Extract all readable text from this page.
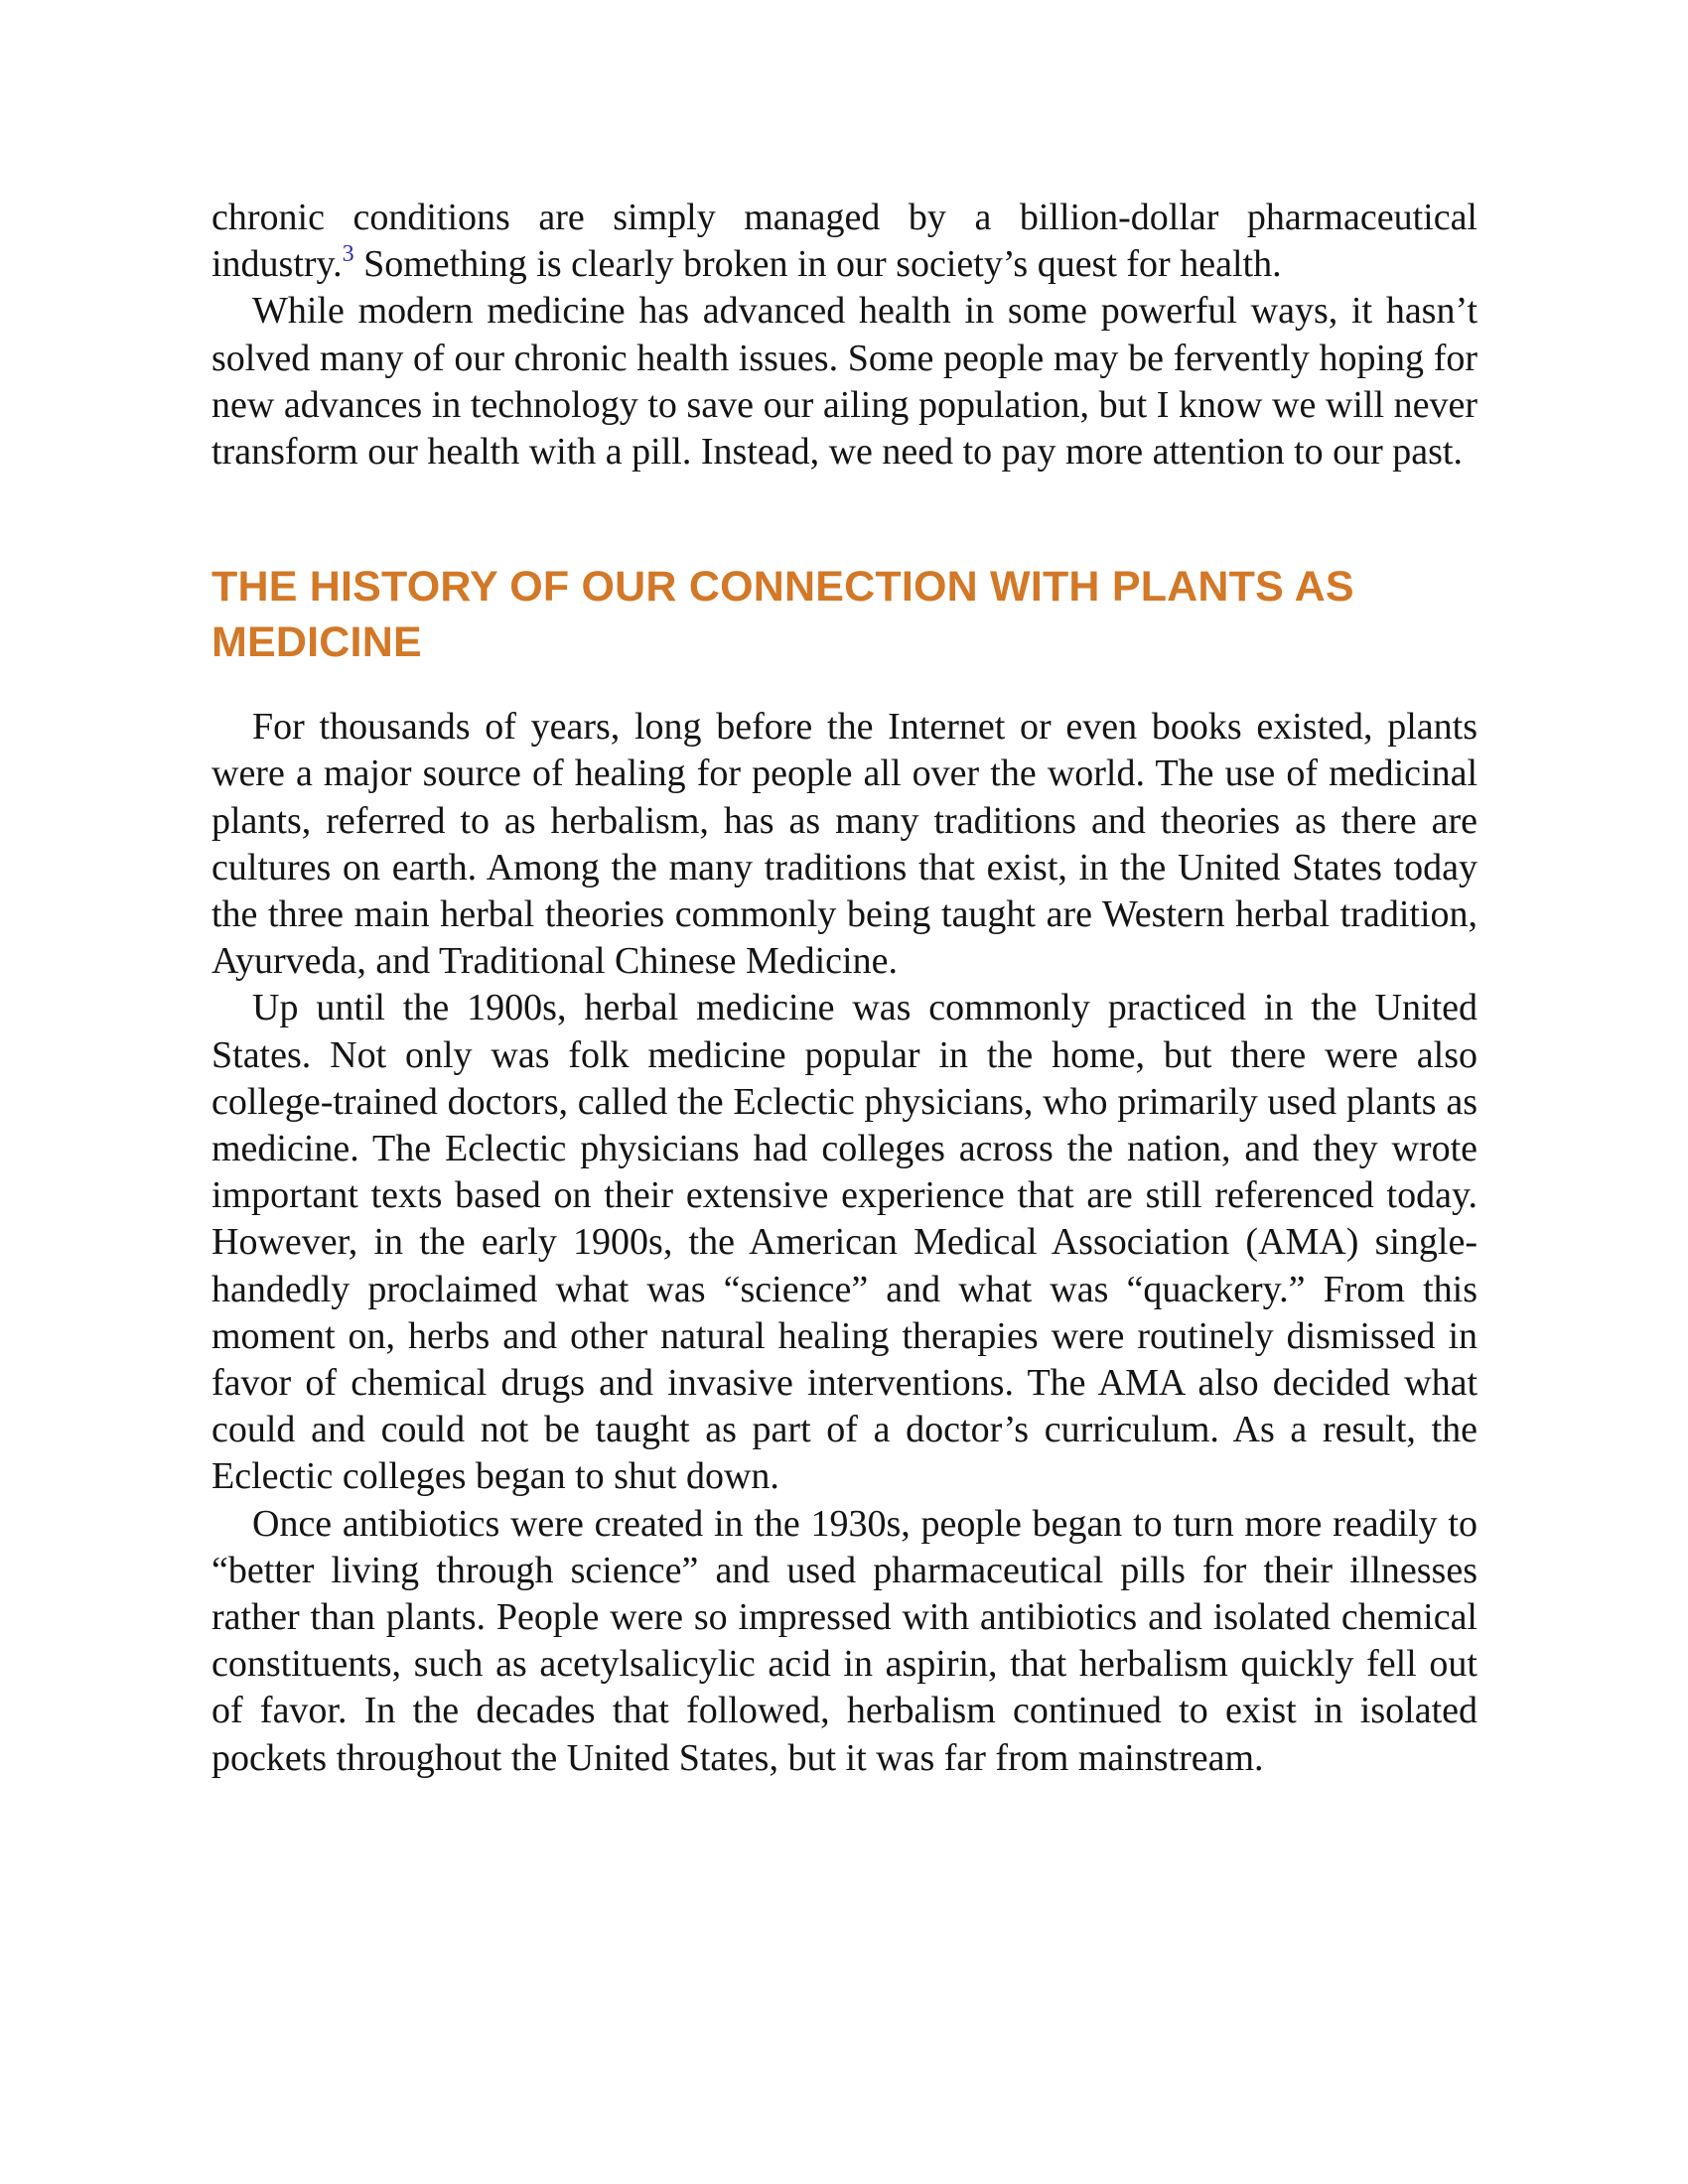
chronic conditions are simply managed by a billion-dollar pharmaceutical industry.$^3$ Something is clearly broken in our society’s quest for health.

While modern medicine has advanced health in some powerful ways, it hasn’t solved many of our chronic health issues. Some people may be fervently hoping for new advances in technology to save our ailing population, but I know we will never transform our health with a pill. Instead, we need to pay more attention to our past.

THE HISTORY OF OUR CONNECTION WITH PLANTS AS MEDICINE

For thousands of years, long before the Internet or even books existed, plants were a major source of healing for people all over the world. The use of medicinal plants, referred to as herbalism, has as many traditions and theories as there are cultures on earth. Among the many traditions that exist, in the United States today the three main herbal theories commonly being taught are Western herbal tradition, Ayurveda, and Traditional Chinese Medicine.

Up until the 1900s, herbal medicine was commonly practiced in the United States. Not only was folk medicine popular in the home, but there were also college-trained doctors, called the Eclectic physicians, who primarily used plants as medicine. The Eclectic physicians had colleges across the nation, and they wrote important texts based on their extensive experience that are still referenced today. However, in the early 1900s, the American Medical Association (AMA) single-handedly proclaimed what was “science” and what was “quackery.” From this moment on, herbs and other natural healing therapies were routinely dismissed in favor of chemical drugs and invasive interventions. The AMA also decided what could and could not be taught as part of a doctor’s curriculum. As a result, the Eclectic colleges began to shut down.

Once antibiotics were created in the 1930s, people began to turn more readily to “better living through science” and used pharmaceutical pills for their illnesses rather than plants. People were so impressed with antibiotics and isolated chemical constituents, such as acetylsalicylic acid in aspirin, that herbalism quickly fell out of favor. In the decades that followed, herbalism continued to exist in isolated pockets throughout the United States, but it was far from mainstream.
